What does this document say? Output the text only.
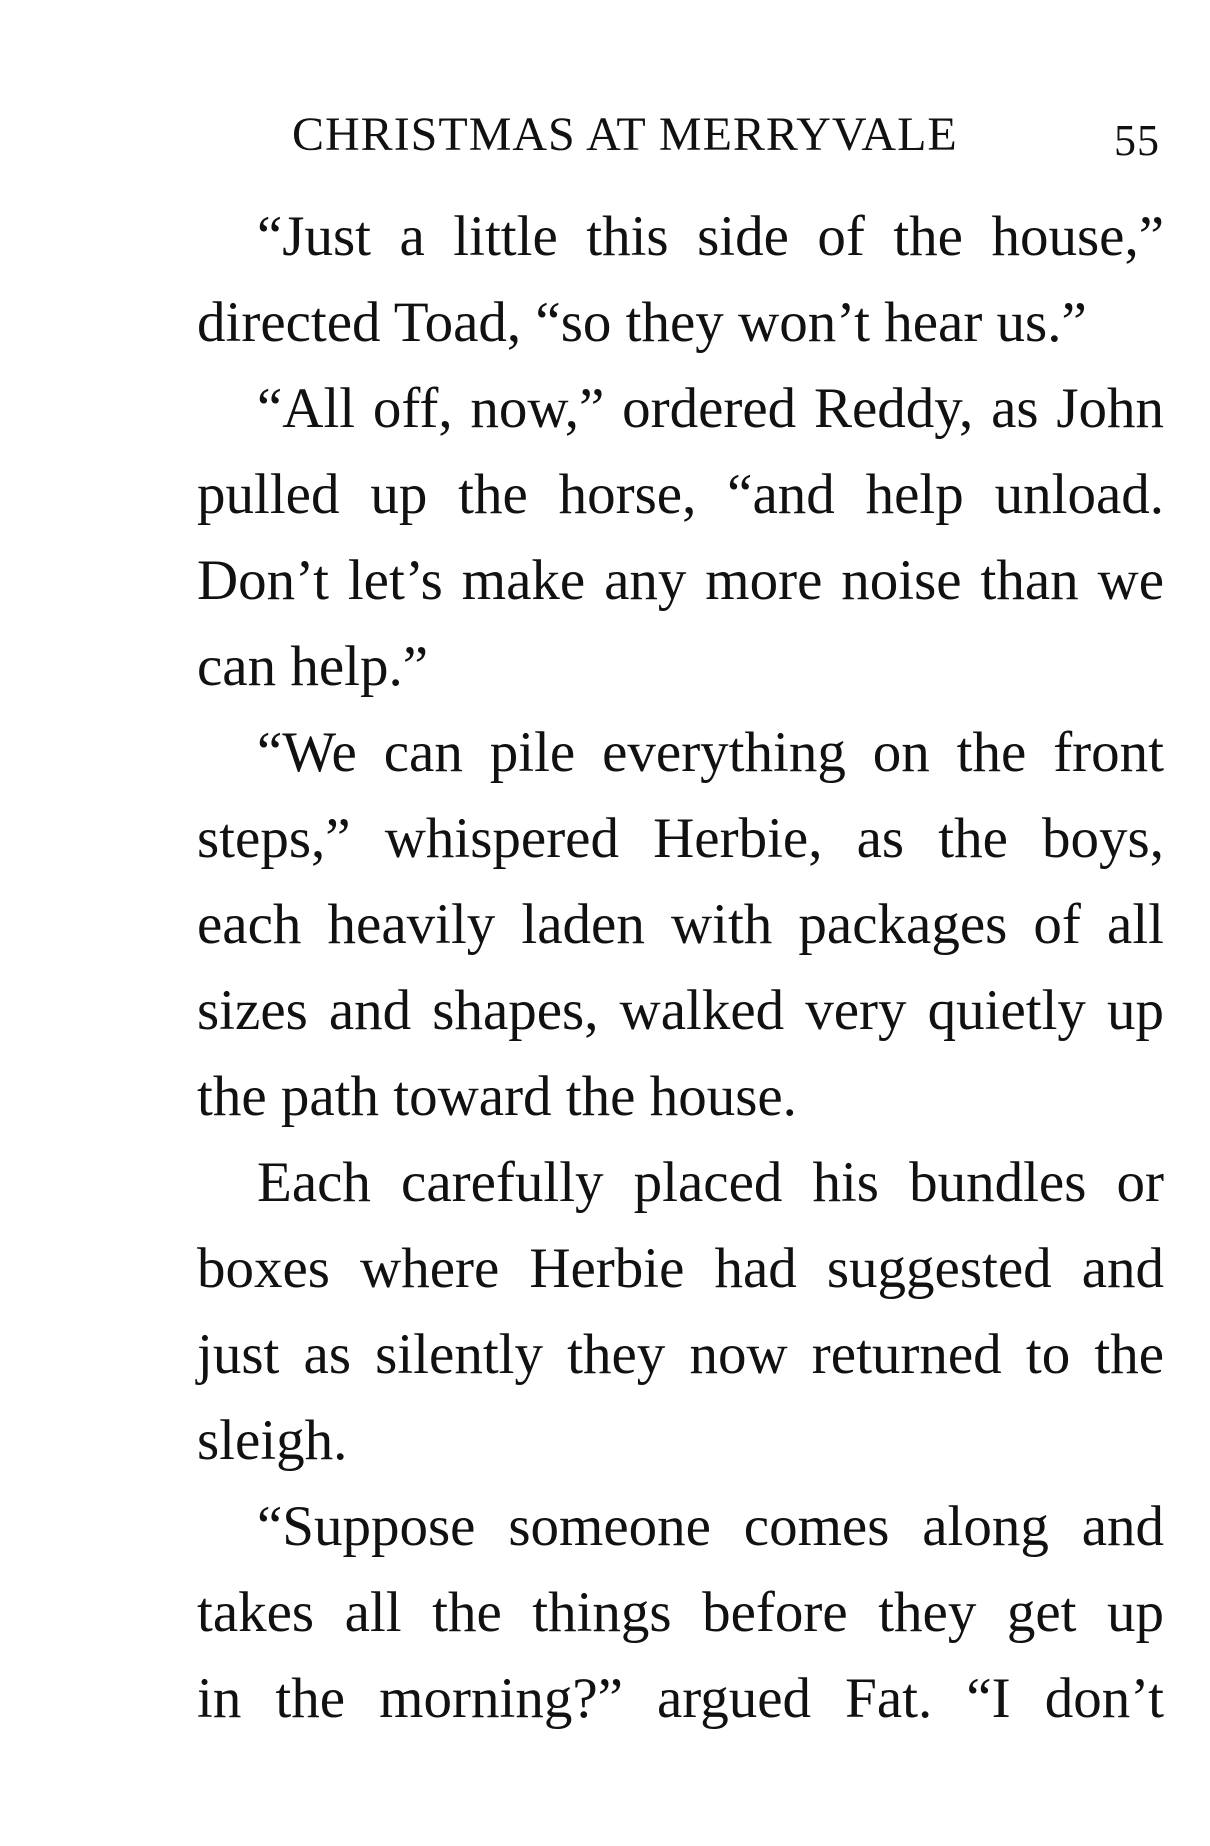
CHRISTMAS AT MERRYVALE	55
“Just a little this side of the house,”
directed Toad, “so they won’t hear us.”
“All off, now,” ordered Reddy, as John
pulled up the horse, “and help unload.
Don’t let’s make any more noise than we
can help.”
“We can pile everything on the front
steps,” whispered Herbie, as the boys,
each heavily laden with packages of all
sizes and shapes, walked very quietly up
the path toward the house.
Each carefully placed his bundles or
boxes where Herbie had suggested and
just as silently they now returned to the
sleigh.
“Suppose someone comes along and
takes all the things before they get up
in the morning?” argued Fat. “I don’t
